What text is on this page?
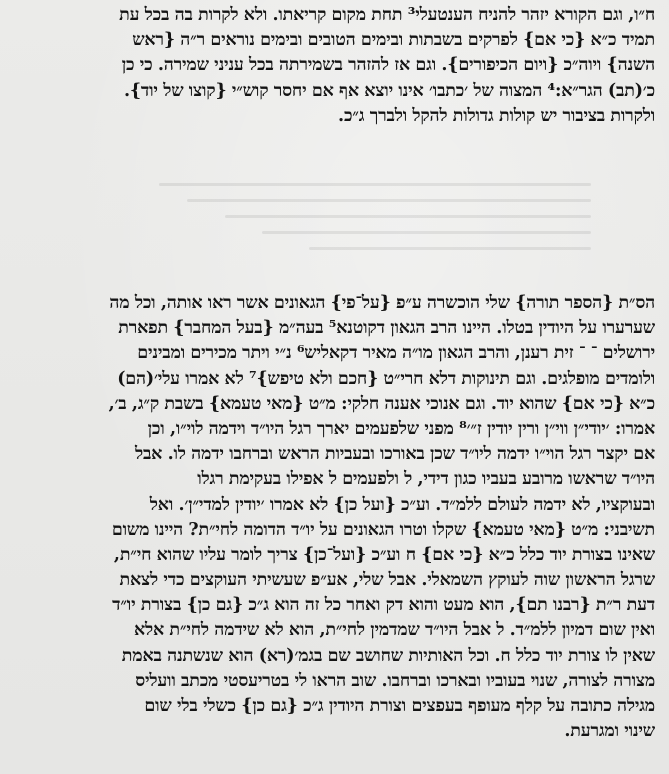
ח״ו, וגם הקורא יזהר להניח הענטעלי³ תחת מקום קריאתו. ולא לקרות בה בכל עת
תמיד כ״א {כי אם} לפרקים בשבתות ובימים הטובים ובימים נוראים ר״ה {ראש
השנה} ויוה״כ {ויום הכיפורים}. וגם אז להזהר בשמירתה בכל עניני שמירה. כי כן
כ׳(תב) הגר״א:⁴ המצוה של ׳כתבו׳ אינו יוצא אף אם יחסר קוש״י {קוצו של יוד}.
ולקרות בציבור יש קולות גדולות להקל ולברך ג״כ.
הס״ת {הספר תורה} שלי הוכשרה ע״פ {על־פי} הגאונים אשר ראו אותה, וכל מה
שערערו על היודין בטלו. היינו הרב הגאון דקוטנא⁵ בעה״מ {בעל המחבר} תפארת
ירושלים ־ ־ זית רענן, והרב הגאון מו״ה מאיר דקאליש⁶ נ״י ויתר מכירים ומבינים
ולומדים מופלגים. וגם תינוקות דלא חרי״ט {חכם ולא טיפש}⁷ לא אמרו עלי׳(הם)
כ״א {כי אם} שהוא יוד. וגם אנוכי אענה חלקי: מ״ט {מאי טעמא} בשבת ק״ג, ב׳,
אמרו: ׳יודי״ן ווי״ן ורין יודין ז״׳⁸ מפני שלפעמים יארך רגל היו״ד וידמה לוי״ו, וכן
אם יקצר רגל הוי״ו ידמה ליו״ד שכן באורכו ובעביות הראש וברחבו ידמה לו. אבל
היו״ד שראשו מרובע בעביו כגון דידי, ל ולפעמים ל אפילו בעקימת רגלו
ובעוקציו, לא ידמה לעולם ללמ״ד. וע״כ {ועל כן} לא אמרו ׳יודין למדי״ן׳. ואל
תשיבני: מ״ט {מאי טעמא} שקלו וטרו הגאונים על יו״ד הדומה לחי״ת? היינו משום
שאינו בצורת יוד כלל כ״א {כי אם} ח וע״כ {ועל־כן} צריך לומר עליו שהוא חי״ת,
שרגל הראשון שוה לעוקץ השמאלי. אבל שלי, אע״פ שעשיתי העוקצים כדי לצאת
דעת ר״ת {רבנו תם}, הוא מעט והוא דק ואחר כל זה הוא ג״כ {גם כן} בצורת יו״ד
ואין שום דמיון ללמ״ד. ל אבל היו״ד שמדמין לחי״ת, הוא לא שידמה לחי״ת אלא
שאין לו צורת יוד כלל ח. וכל האותיות שחושב שם בגמ׳(רא) הוא שנשתנה באמת
מצורה לצורה, שנוי בעוביו ובארכו וברחבו. שוב הראו לי בטריעסטי מכתב וועליס
מגילה כתובה על קלף מעופף בעפצים וצורת היודין ג״כ {גם כן} כשלי בלי שום
שינוי ומגרעת.
